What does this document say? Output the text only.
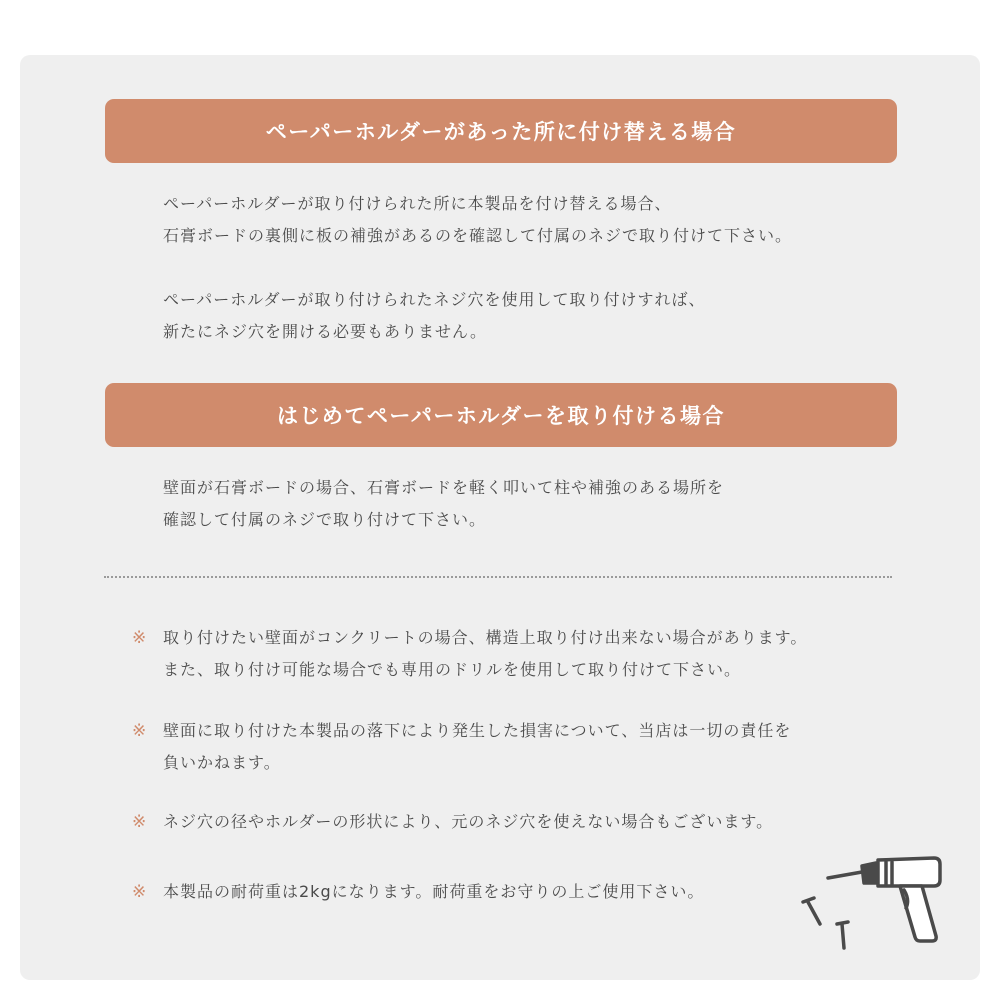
ペーパーホルダーがあった所に付け替える場合
ペーパーホルダーが取り付けられた所に本製品を付け替える場合、
石膏ボードの裏側に板の補強があるのを確認して付属のネジで取り付けて下さい。
ペーパーホルダーが取り付けられたネジ穴を使用して取り付けすれば、
新たにネジ穴を開ける必要もありません。
はじめてペーパーホルダーを取り付ける場合
壁面が石膏ボードの場合、石膏ボードを軽く叩いて柱や補強のある場所を
確認して付属のネジで取り付けて下さい。
※ 取り付けたい壁面がコンクリートの場合、構造上取り付け出来ない場合があります。
また、取り付け可能な場合でも専用のドリルを使用して取り付けて下さい。
※ 壁面に取り付けた本製品の落下により発生した損害について、当店は一切の責任を
負いかねます。
※ ネジ穴の径やホルダーの形状により、元のネジ穴を使えない場合もございます。
※ 本製品の耐荷重は2kgになります。耐荷重をお守りの上ご使用下さい。
